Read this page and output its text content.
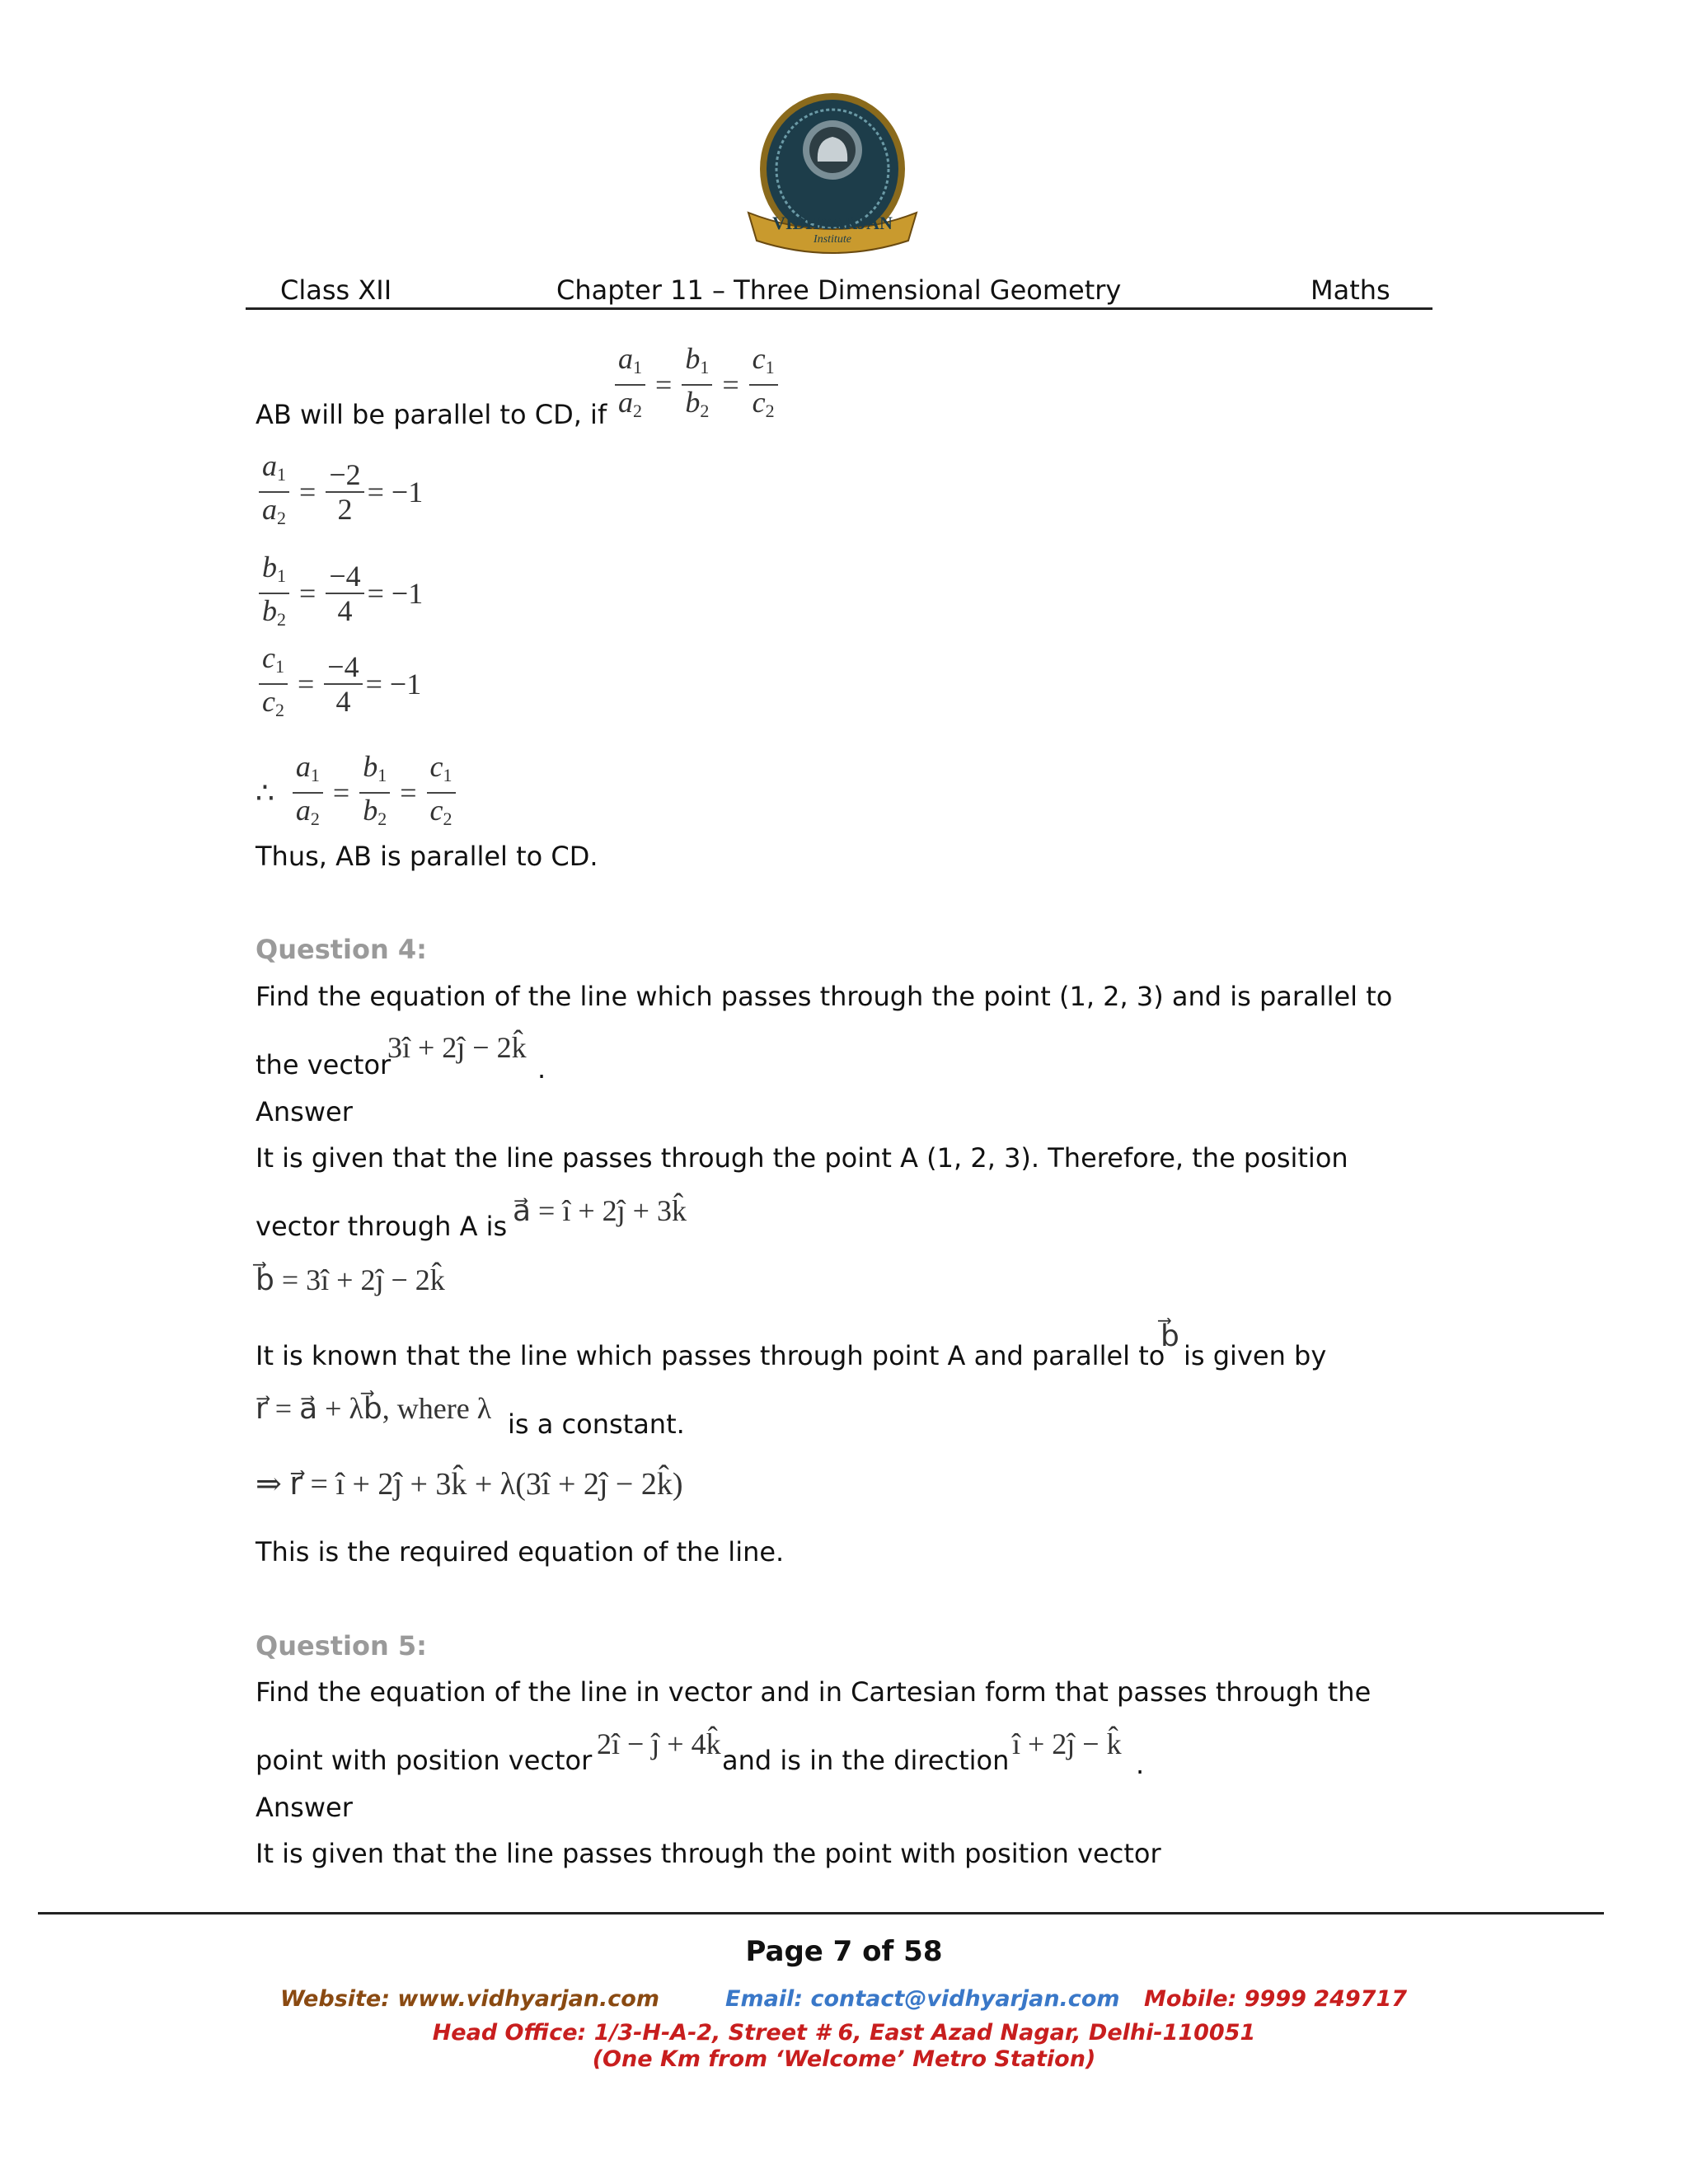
VIDHYARJAN
Institute
Class XII	Chapter 11 – Three Dimensional Geometry	Maths
AB will be parallel to CD, if $\frac{a_1}{a_2} = \frac{b_1}{b_2} = \frac{c_1}{c_2}$
$\frac{a_1}{a_2} = \frac{-2}{2} = -1$
$\frac{b_1}{b_2} = \frac{-4}{4} = -1$
$\frac{c_1}{c_2} = \frac{-4}{4} = -1$
∴ $\frac{a_1}{a_2} = \frac{b_1}{b_2} = \frac{c_1}{c_2}$
Thus, AB is parallel to CD.
Question 4:
Find the equation of the line which passes through the point (1, 2, 3) and is parallel to
the vector
3î + 2ĵ − 2k̂
.
Answer
It is given that the line passes through the point A (1, 2, 3). Therefore, the position
vector through A is a⃗ = î + 2ĵ + 3k̂
b⃗ = 3î + 2ĵ − 2k̂
It is known that the line which passes through point A and parallel to
b⃗
is given by
r⃗ = a⃗ + λb⃗, where λ is a constant.
⇒ r⃗ = î + 2ĵ + 3k̂ + λ(3î + 2ĵ − 2k̂)
This is the required equation of the line.
Question 5:
Find the equation of the line in vector and in Cartesian form that passes through the
point with position vector 2î − ĵ + 4k̂ and is in the direction î + 2ĵ − k̂
.
Answer
It is given that the line passes through the point with position vector
Page 7 of 58
Website: www.vidhyarjan.com	Email: contact@vidhyarjan.com Mobile: 9999 249717
Head Office: 1/3-H-A-2, Street # 6, East Azad Nagar, Delhi-110051
(One Km from ‘Welcome’ Metro Station)
